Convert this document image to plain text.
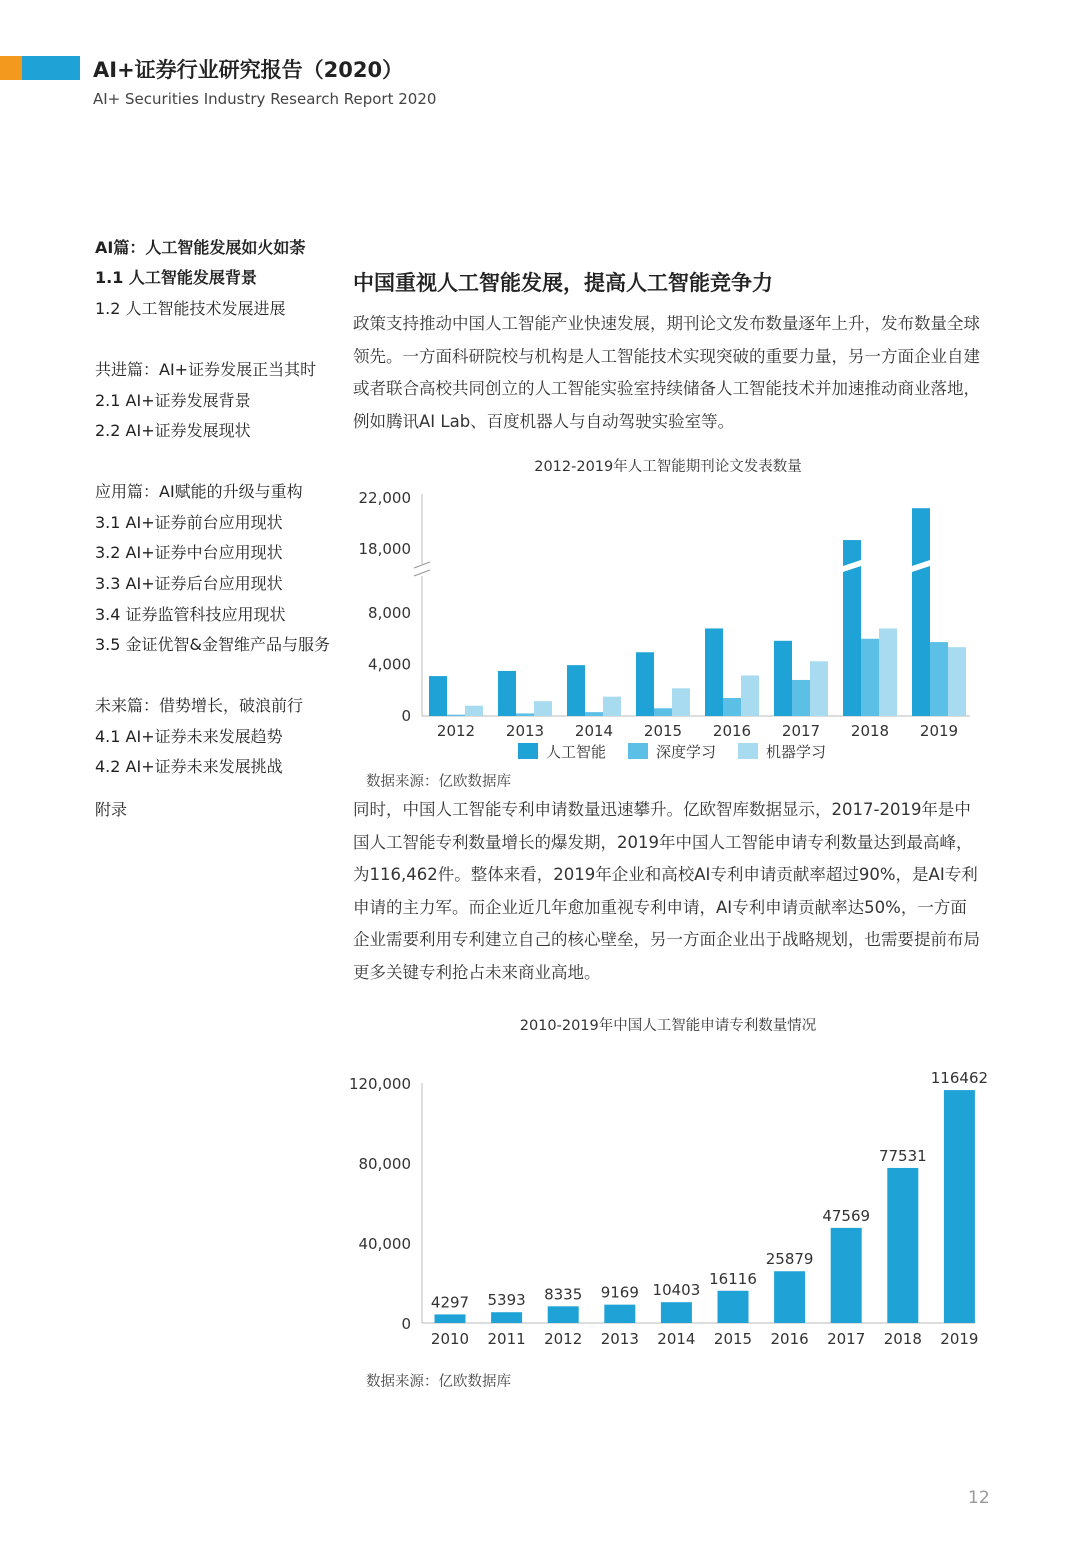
AI+证券行业研究报告（2020）
AI+ Securities Industry Research Report 2020
AI篇：人工智能发展如火如荼
1.1 人工智能发展背景
1.2 人工智能技术发展进展
共进篇：AI+证券发展正当其时
2.1 AI+证券发展背景
2.2 AI+证券发展现状
应用篇：AI赋能的升级与重构
3.1 AI+证券前台应用现状
3.2 AI+证券中台应用现状
3.3 AI+证券后台应用现状
3.4 证券监管科技应用现状
3.5 金证优智&金智维产品与服务
未来篇：借势增长，破浪前行
4.1 AI+证券未来发展趋势
4.2 AI+证券未来发展挑战
附录
中国重视人工智能发展，提高人工智能竞争力

政策支持推动中国人工智能产业快速发展，期刊论文发布数量逐年上升，发布数量全球领先。一方面科研院校与机构是人工智能技术实现突破的重要力量，另一方面企业自建或者联合高校共同创立的人工智能实验室持续储备人工智能技术并加速推动商业落地，例如腾讯AI Lab、百度机器人与自动驾驶实验室等。

2012-2019年人工智能期刊论文发表数量
0
4,000
8,000
18,000
22,000
2012 2013 2014 2015 2016 2017 2018 2019
人工智能	深度学习	机器学习
数据来源：亿欧数据库

同时，中国人工智能专利申请数量迅速攀升。亿欧智库数据显示，2017-2019年是中国人工智能专利数量增长的爆发期，2019年中国人工智能申请专利数量达到最高峰，为116,462件。整体来看，2019年企业和高校AI专利申请贡献率超过90%，是AI专利申请的主力军。而企业近几年愈加重视专利申请，AI专利申请贡献率达50%，一方面企业需要利用专利建立自己的核心壁垒，另一方面企业出于战略规划，也需要提前布局更多关键专利抢占未来商业高地。

2010-2019年中国人工智能申请专利数量情况
0
40,000
80,000
120,000
4297
2010
5393
2011
8335
2012
9169
2013
10403
2014
16116
2015
25879
2016
47569
2017
77531
2018
116462
2019
数据来源：亿欧数据库
12
